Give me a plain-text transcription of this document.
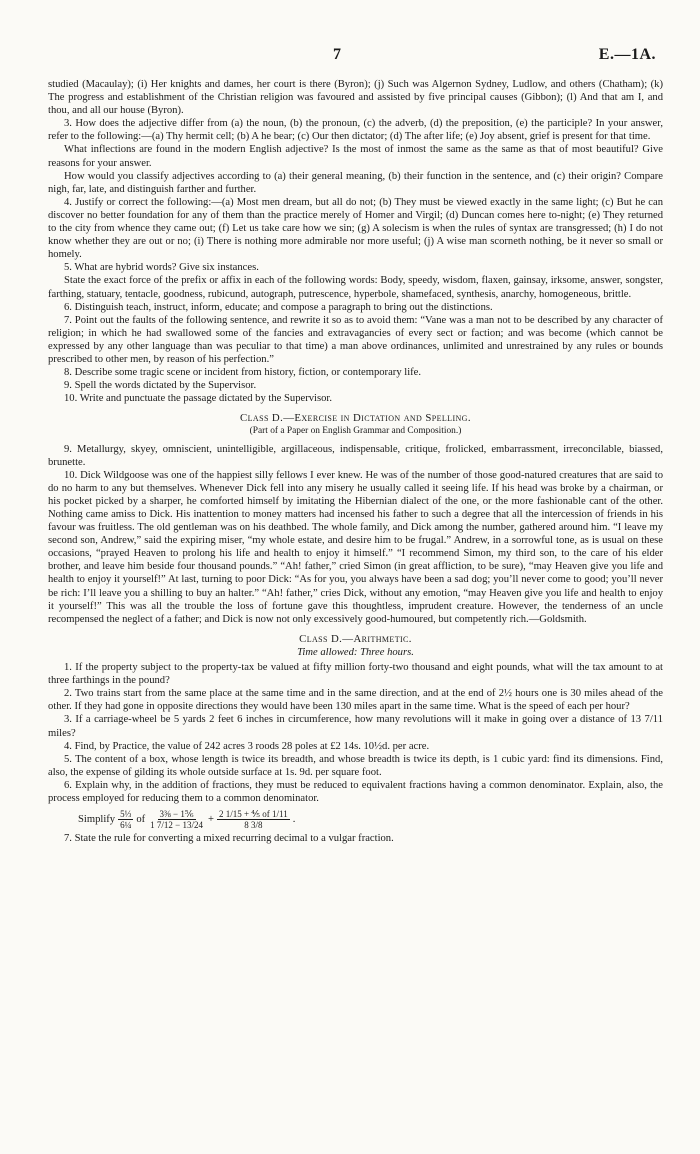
7	E.—1A.

studied (Macaulay); (i) Her knights and dames, her court is there (Byron); (j) Such was Algernon Sydney, Ludlow, and others (Chatham); (k) The progress and establishment of the Christian religion was favoured and assisted by five principal causes (Gibbon); (l) And that am I, and thou, and all our house (Byron).

3. How does the adjective differ from (a) the noun, (b) the pronoun, (c) the adverb, (d) the preposition, (e) the participle? In your answer, refer to the following:—(a) Thy hermit cell; (b) A he bear; (c) Our then dictator; (d) The after life; (e) Joy absent, grief is present for that time.

What inflections are found in the modern English adjective? Is the most of inmost the same as the same as that of most beautiful? Give reasons for your answer.

How would you classify adjectives according to (a) their general meaning, (b) their function in the sentence, and (c) their origin? Compare nigh, far, late, and distinguish farther and further.

4. Justify or correct the following:—(a) Most men dream, but all do not; (b) They must be viewed exactly in the same light; (c) But he can discover no better foundation for any of them than the practice merely of Homer and Virgil; (d) Duncan comes here to-night; (e) They returned to the city from whence they came out; (f) Let us take care how we sin; (g) A solecism is when the rules of syntax are transgressed; (h) I do not know whether they are out or no; (i) There is nothing more admirable nor more useful; (j) A wise man scorneth nothing, be it never so small or homely.

5. What are hybrid words? Give six instances.

State the exact force of the prefix or affix in each of the following words: Body, speedy, wisdom, flaxen, gainsay, irksome, answer, songster, farthing, statuary, tentacle, goodness, rubicund, autograph, putrescence, hyperbole, shamefaced, synthesis, anarchy, homogeneous, brittle.

6. Distinguish teach, instruct, inform, educate; and compose a paragraph to bring out the distinctions.

7. Point out the faults of the following sentence, and rewrite it so as to avoid them: “Vane was a man not to be described by any character of religion; in which he had swallowed some of the fancies and extravagancies of every sect or faction; and was become (which cannot be expressed by any other language than was peculiar to that time) a man above ordinances, unlimited and unrestrained by any rules or bounds prescribed to other men, by reason of his perfection.”

8. Describe some tragic scene or incident from history, fiction, or contemporary life.

9. Spell the words dictated by the Supervisor.

10. Write and punctuate the passage dictated by the Supervisor.

Class D.—Exercise in Dictation and Spelling.

(Part of a Paper on English Grammar and Composition.)

9. Metallurgy, skyey, omniscient, unintelligible, argillaceous, indispensable, critique, frolicked, embarrassment, irreconcilable, biassed, brunette.

10. Dick Wildgoose was one of the happiest silly fellows I ever knew. He was of the number of those good-natured creatures that are said to do no harm to any but themselves. Whenever Dick fell into any misery he usually called it seeing life. If his head was broke by a chairman, or his pocket picked by a sharper, he comforted himself by imitating the Hibernian dialect of the one, or the more fashionable cant of the other. Nothing came amiss to Dick. His inattention to money matters had incensed his father to such a degree that all the intercession of friends in his favour was fruitless. The old gentleman was on his deathbed. The whole family, and Dick among the number, gathered around him. “I leave my second son, Andrew,” said the expiring miser, “my whole estate, and desire him to be frugal.” Andrew, in a sorrowful tone, as is usual on these occasions, “prayed Heaven to prolong his life and health to enjoy it himself.” “I recommend Simon, my third son, to the care of his elder brother, and leave him beside four thousand pounds.” “Ah! father,” cried Simon (in great affliction, to be sure), “may Heaven give you life and health to enjoy it yourself!” At last, turning to poor Dick: “As for you, you always have been a sad dog; you’ll never come to good; you’ll never be rich: I’ll leave you a shilling to buy an halter.” “Ah! father,” cries Dick, without any emotion, “may Heaven give you life and health to enjoy it yourself!” This was all the trouble the loss of fortune gave this thoughtless, imprudent creature. However, the tenderness of an uncle recompensed the neglect of a father; and Dick is now not only excessively good-humoured, but competently rich.—Goldsmith.

Class D.—Arithmetic.

Time allowed: Three hours.

1. If the property subject to the property-tax be valued at fifty million forty-two thousand and eight pounds, what will the tax amount to at three farthings in the pound?

2. Two trains start from the same place at the same time and in the same direction, and at the end of 2½ hours one is 30 miles ahead of the other. If they had gone in opposite directions they would have been 130 miles apart in the same time. What is the speed of each per hour?

3. If a carriage-wheel be 5 yards 2 feet 6 inches in circumference, how many revolutions will it make in going over a distance of 13 7/11 miles?

4. Find, by Practice, the value of 242 acres 3 roods 28 poles at £2 14s. 10½d. per acre.

5. The content of a box, whose length is twice its breadth, and whose breadth is twice its depth, is 1 cubic yard: find its dimensions. Find, also, the expense of gilding its whole outside surface at 1s. 9d. per square foot.

6. Explain why, in the addition of fractions, they must be reduced to equivalent fractions having a common denominator. Explain, also, the process employed for reducing them to a common denominator.

Simplify $\frac{\text{5⅓}}{\text{6¼}}$ of $\frac{\text{3⅜ − 1⅚}}{1 7/12 - 13/24} + \frac{\text{2 1/15 + ⅘ of 1/11}}{8 3/8}$ .

7. State the rule for converting a mixed recurring decimal to a vulgar fraction.
